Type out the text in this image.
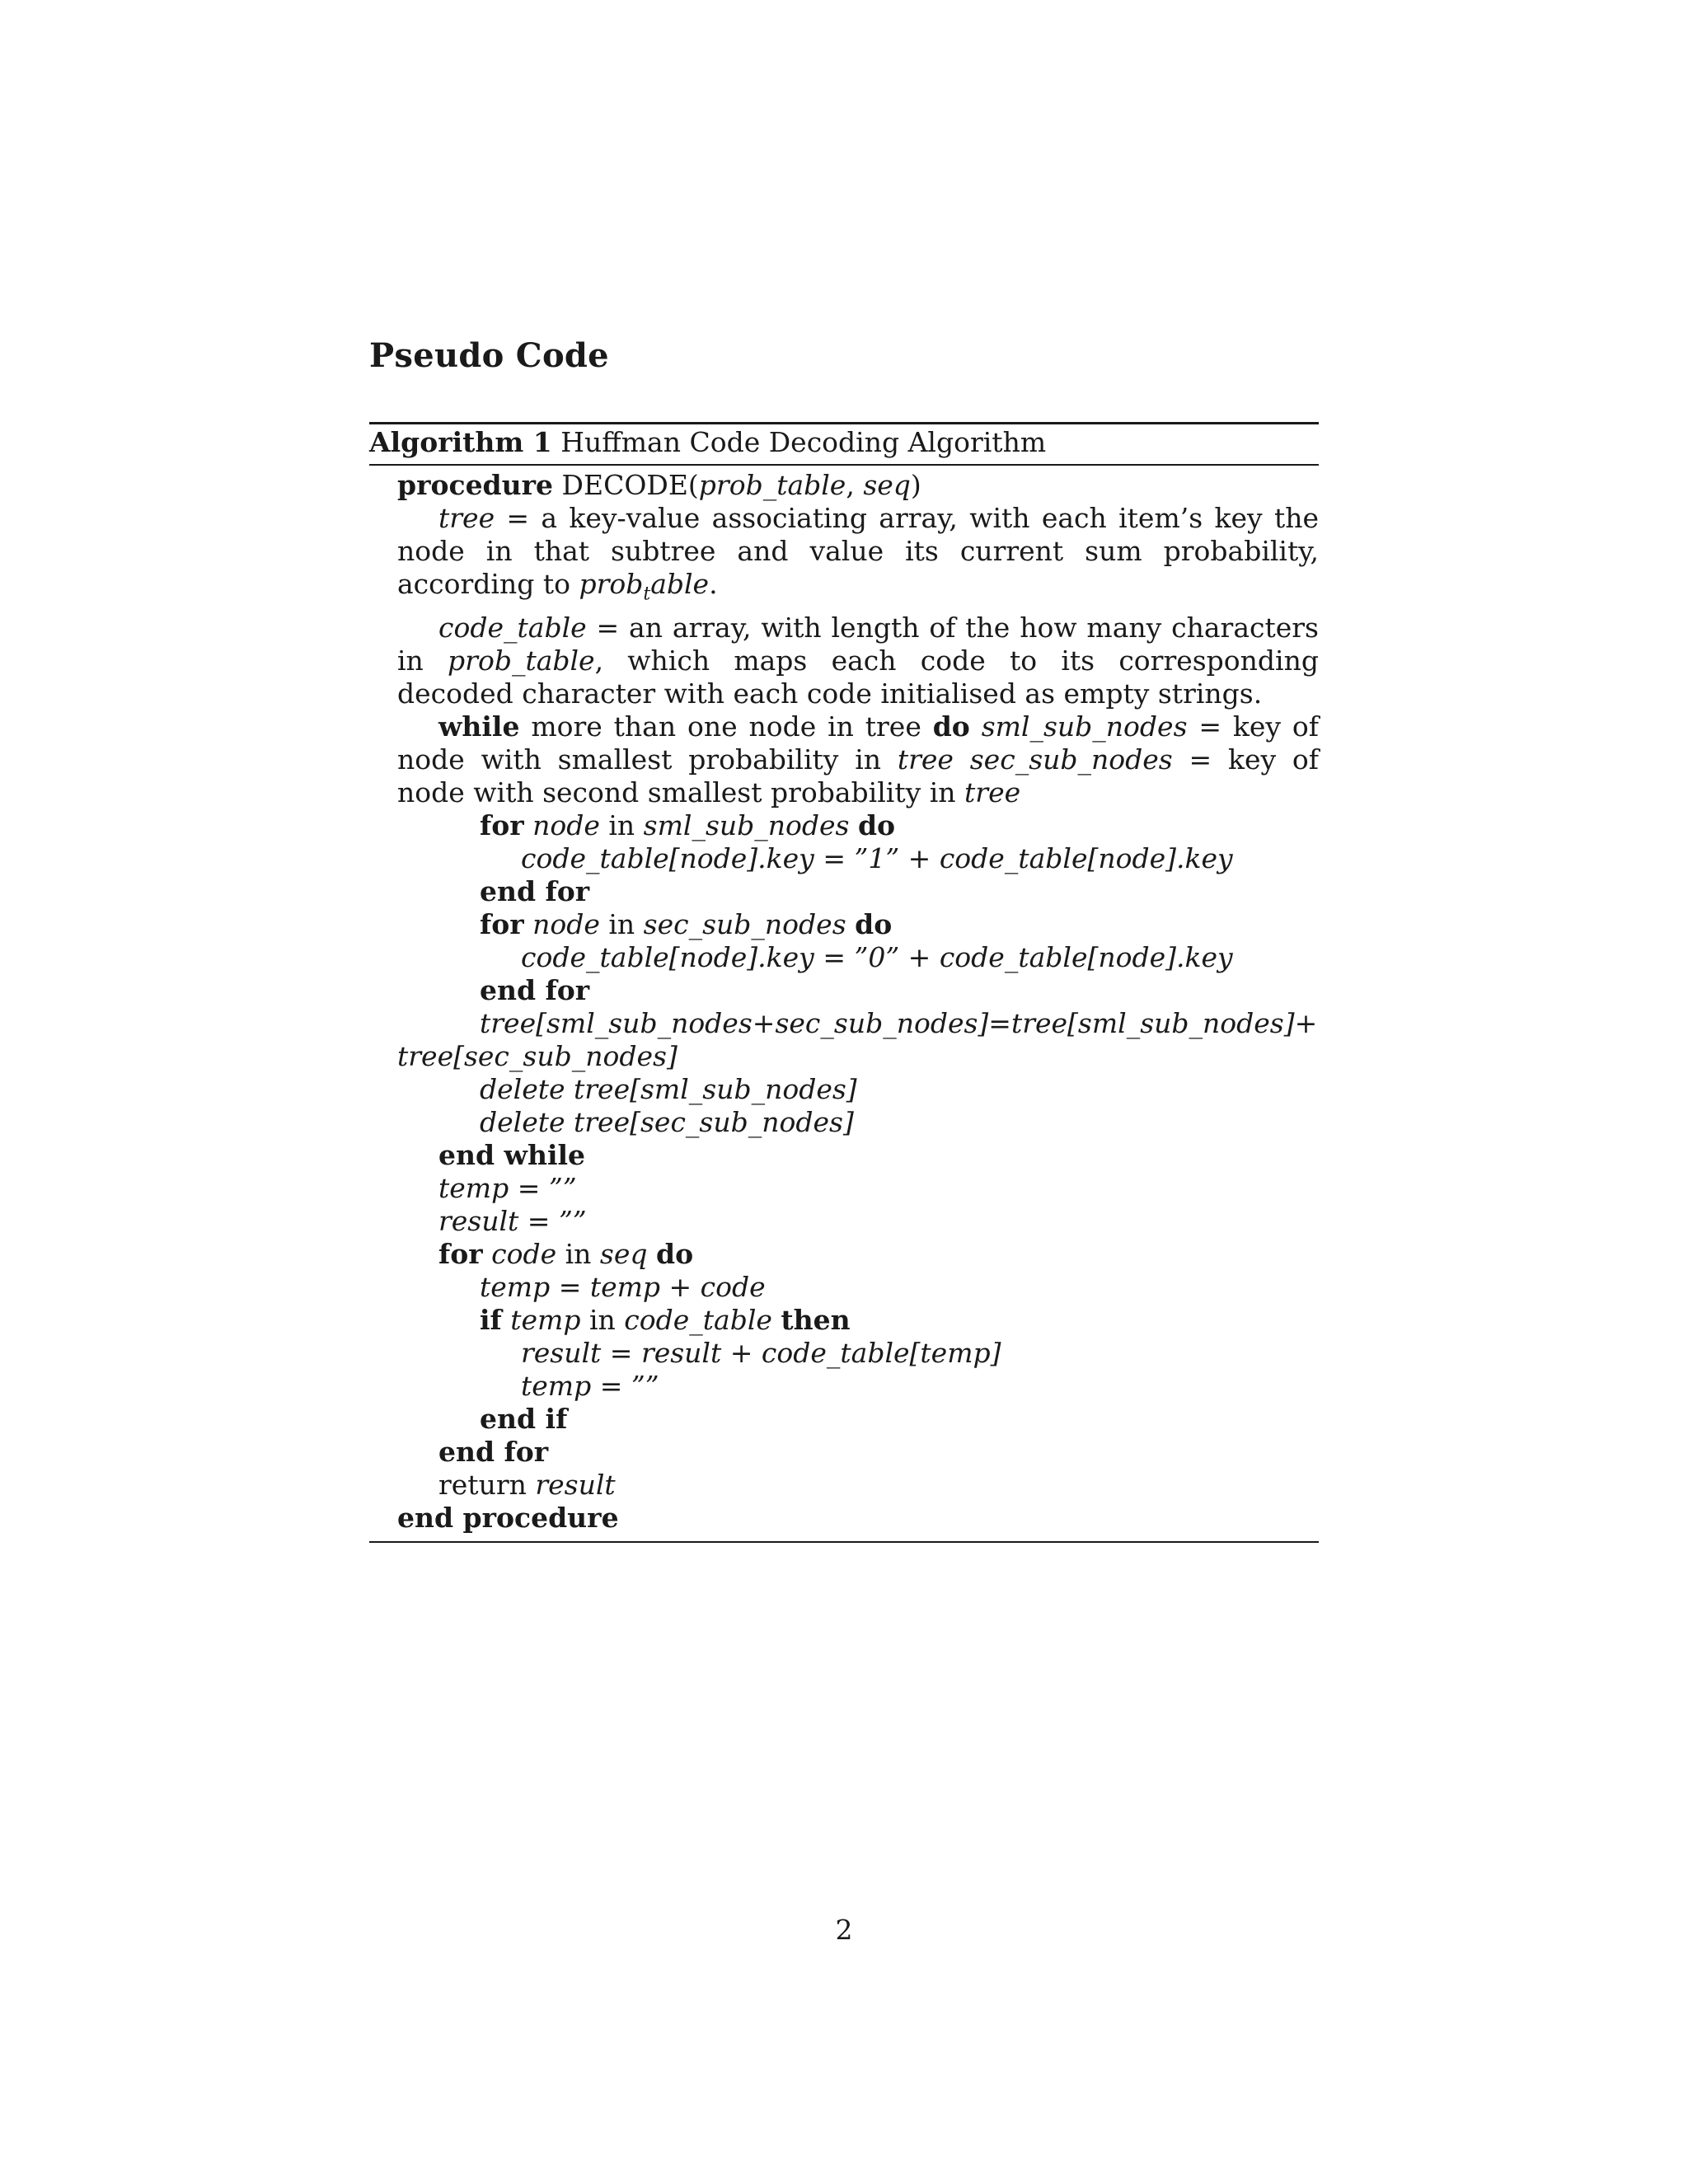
Pseudo Code
Algorithm 1 Huffman Code Decoding Algorithm
procedure DECODE(prob_table, seq)
tree = a key-value associating array, with each item’s key the node in that subtree and value its current sum probability, according to prob$_t$able.
code_table = an array, with length of the how many characters in prob_table, which maps each code to its corresponding decoded character with each code initialised as empty strings.
while more than one node in tree do sml_sub_nodes = key of node with smallest probability in tree sec_sub_nodes = key of node with second smallest probability in tree
for node in sml_sub_nodes do
code_table[node].key = ”1” + code_table[node].key
end for
for node in sec_sub_nodes do
code_table[node].key = ”0” + code_table[node].key
end for
tree[sml_sub_nodes + sec_sub_nodes] = tree[sml_sub_nodes] +
tree[sec_sub_nodes]
delete tree[sml_sub_nodes]
delete tree[sec_sub_nodes]
end while
temp = ””
result = ””
for code in seq do
temp = temp + code
if temp in code_table then
result = result + code_table[temp]
temp = ””
end if
end for
return result
end procedure
2
